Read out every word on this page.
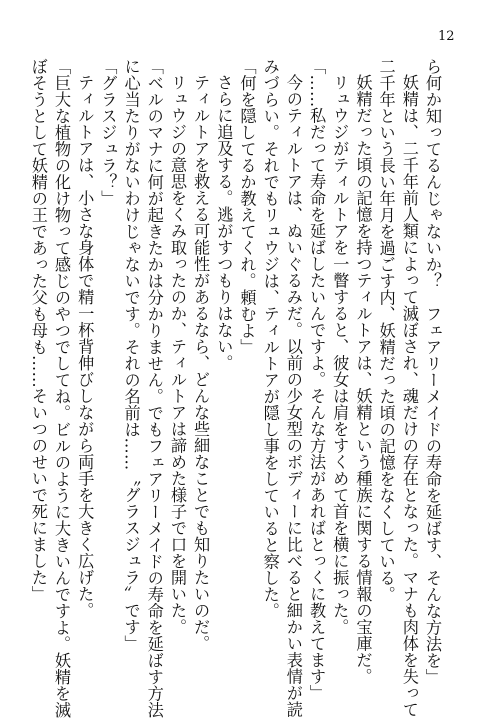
12
ら何か知ってるんじゃないか？　フェアリーメイドの寿命を延ばす、そんな方法を」
妖精は、二千年前人類によって滅ぼされ、魂だけの存在となった。マナも肉体を失って
二千年という長い年月を過ごす内、妖精だった頃の記憶をなくしている。
妖精だった頃の記憶を持つティルトアは、妖精という種族に関する情報の宝庫だ。
リュウジがティルトアを一瞥すると、彼女は肩をすくめて首を横に振った。
「……私だって寿命を延ばしたいんですよ。そんな方法があればとっくに教えてます」
今のティルトアは、ぬいぐるみだ。以前の少女型のボディーに比べると細かい表情が読
みづらい。それでもリュウジは、ティルトアが隠し事をしていると察した。
「何を隠してるか教えてくれ。頼むよ」
さらに追及する。逃がすつもりはない。
ティルトアを救える可能性があるなら、どんな些細なことでも知りたいのだ。
リュウジの意思をくみ取ったのか、ティルトアは諦めた様子で口を開いた。
「ベルのマナに何が起きたかは分かりません。でもフェアリーメイドの寿命を延ばす方法
に心当たりがないわけじゃないです。それの名前は……〝グラスジュラ〟です」
「グラスジュラ？」
ティルトアは、小さな身体で精一杯背伸びしながら両手を大きく広げた。
「巨大な植物の化け物って感じのやつでしてね。ビルのように大きいんですよ。妖精を滅
ぼそうとして妖精の王であった父も母も……そいつのせいで死にました」
